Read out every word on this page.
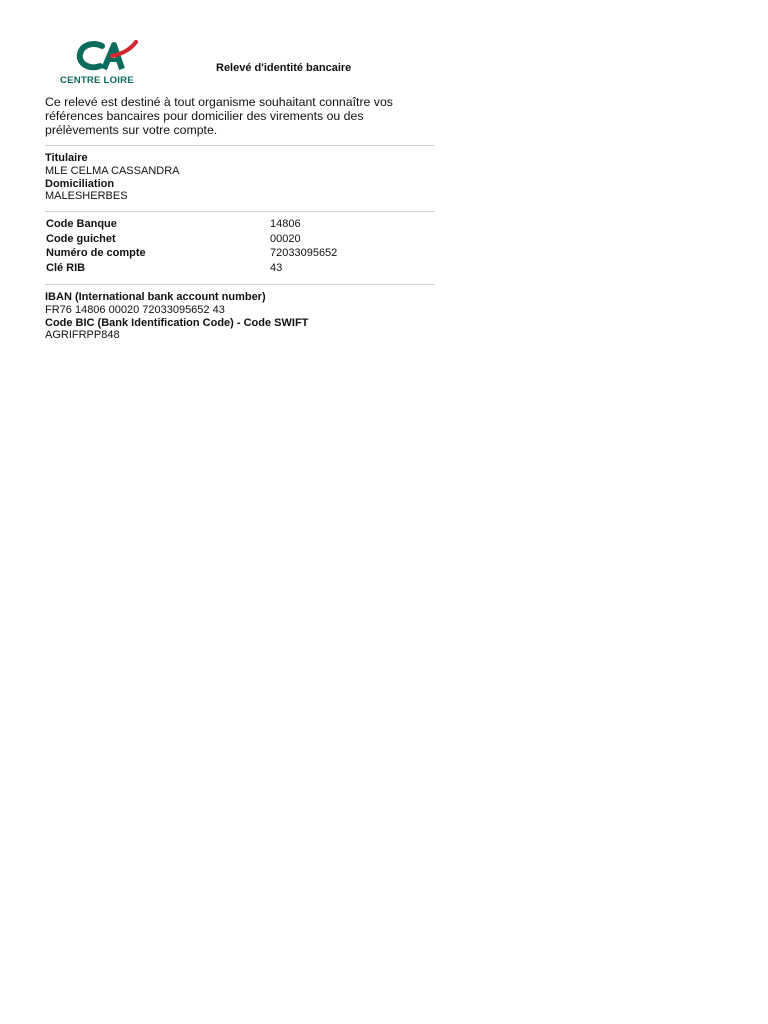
CENTRE LOIRE
Relevé d'identité bancaire
Ce relevé est destiné à tout organisme souhaitant connaître vos
références bancaires pour domicilier des virements ou des
prélèvements sur votre compte.
Titulaire
MLE CELMA CASSANDRA
Domiciliation
MALESHERBES
Code Banque	14806
Code guichet	00020
Numéro de compte	72033095652
Clé RIB	43
IBAN (International bank account number)
FR76 14806 00020 72033095652 43
Code BIC (Bank Identification Code) - Code SWIFT
AGRIFRPP848
